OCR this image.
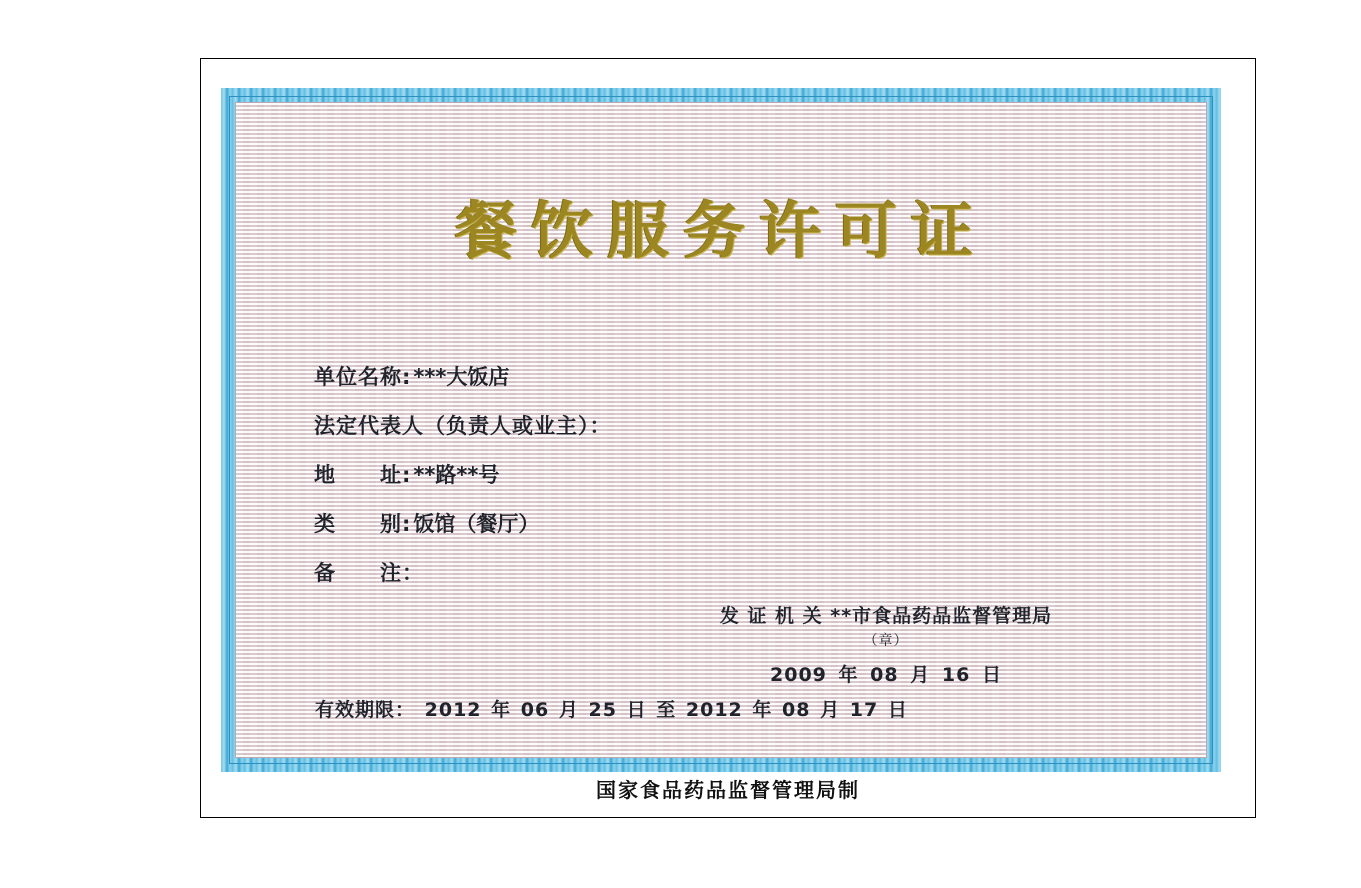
餐饮服务许可证
单位名称: ***大饭店
法定代表人（负责人或业主）：
地　　址: **路**号
类　　别: 饭馆（餐厅）
备　　注：
发 证 机 关 **市食品药品监督管理局
（章）
2009 年 08 月 16 日
有效期限： 2012 年 06 月 25 日 至 2012 年 08 月 17 日
国家食品药品监督管理局制
